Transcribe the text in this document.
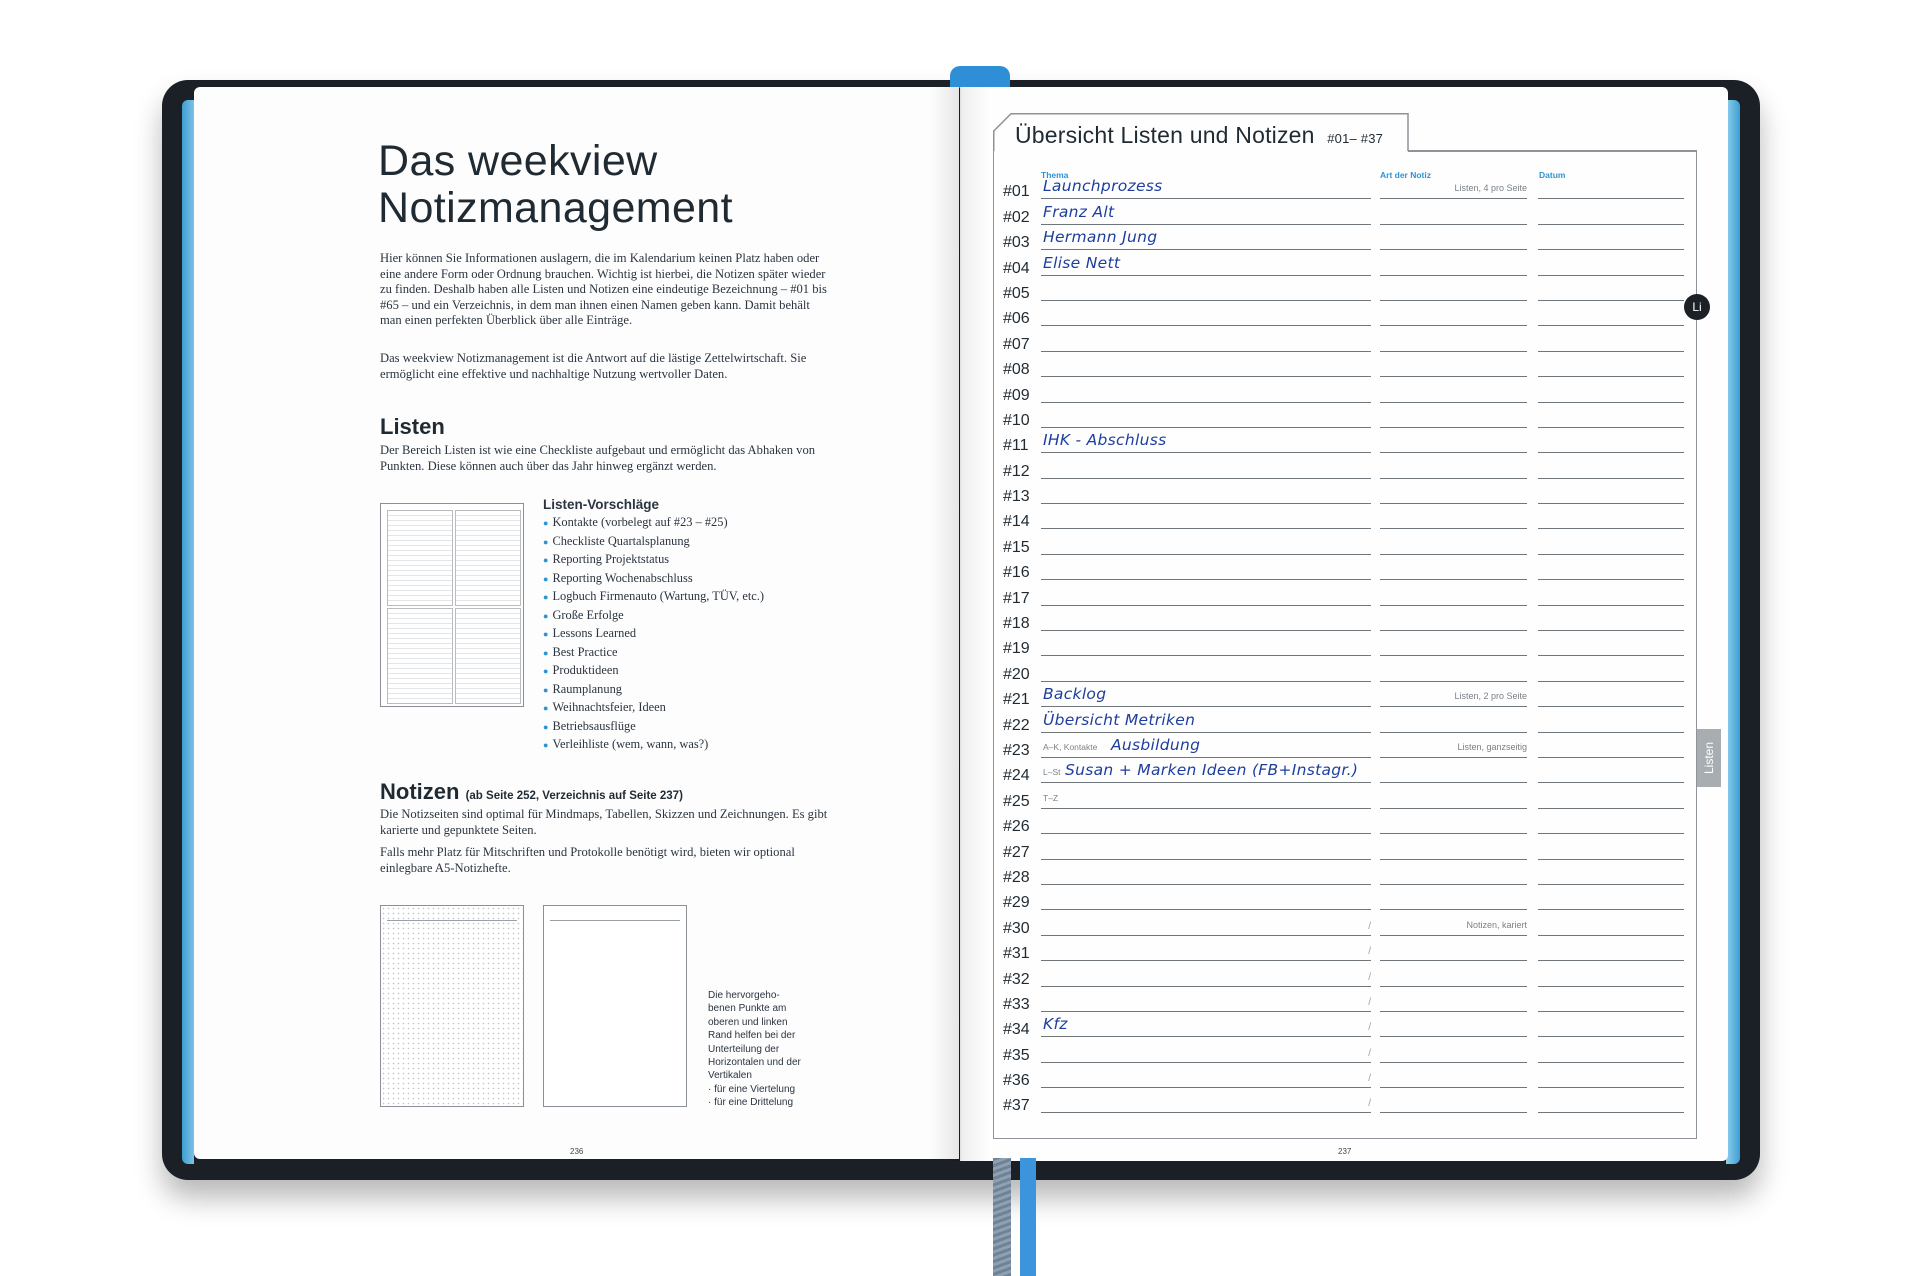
Das weekview
Notizmanagement

Hier können Sie Informationen auslagern, die im Kalendarium keinen Platz haben oder eine andere Form oder Ordnung brauchen. Wichtig ist hierbei, die Notizen später wieder zu finden. Deshalb haben alle Listen und Notizen eine eindeutige Bezeichnung – #01 bis #65 – und ein Verzeichnis, in dem man ihnen einen Namen geben kann. Damit behält man einen perfekten Überblick über alle Einträge.

Das weekview Notizmanagement ist die Antwort auf die lästige Zettelwirtschaft. Sie ermöglicht eine effektive und nachhaltige Nutzung wertvoller Daten.

Listen

Der Bereich Listen ist wie eine Checkliste aufgebaut und ermöglicht das Abhaken von Punkten. Diese können auch über das Jahr hinweg ergänzt werden.

Listen-Vorschläge
● Kontakte (vorbelegt auf #23 – #25)
● Checkliste Quartalsplanung
● Reporting Projektstatus
● Reporting Wochenabschluss
● Logbuch Firmenauto (Wartung, TÜV, etc.)
● Große Erfolge
● Lessons Learned
● Best Practice
● Produktideen
● Raumplanung
● Weihnachtsfeier, Ideen
● Betriebsausflüge
● Verleihliste (wem, wann, was?)
Notizen (ab Seite 252, Verzeichnis auf Seite 237)

Die Notizseiten sind optimal für Mindmaps, Tabellen, Skizzen und Zeichnungen. Es gibt karierte und gepunktete Seiten.

Falls mehr Platz für Mitschriften und Protokolle benötigt wird, bieten wir optional einlegbare A5-Notizhefte.

Die hervorgeho-
benen Punkte am
oberen und linken
Rand helfen bei der
Unterteilung der
Horizontalen und der
Vertikalen
· für eine Viertelung
· für eine Drittelung
236
Übersicht Listen und Notizen #01– #37
Thema	Art der Notiz	Datum
#01 Launchprozess	Listen, 4 pro Seite
#02 Franz Alt
#03 Hermann Jung
#04 Elise Nett
#05
#06
#07
#08
#09
#10
#11 IHK - Abschluss
#12
#13
#14
#15
#16
#17
#18
#19
#20
#21 Backlog	Listen, 2 pro Seite
#22 Übersicht Metriken
#23 A–K, Kontakte Ausbildung	Listen, ganzseitig
#24 L–St Susan + Marken Ideen (FB+Instagr.)
#25 T–Z
#26
#27
#28
#29
#30	/	Notizen, kariert
#31	/
#32	/
#33	/
#34 Kfz	/
#35	/
#36	/
#37	/
Li
Listen
237
